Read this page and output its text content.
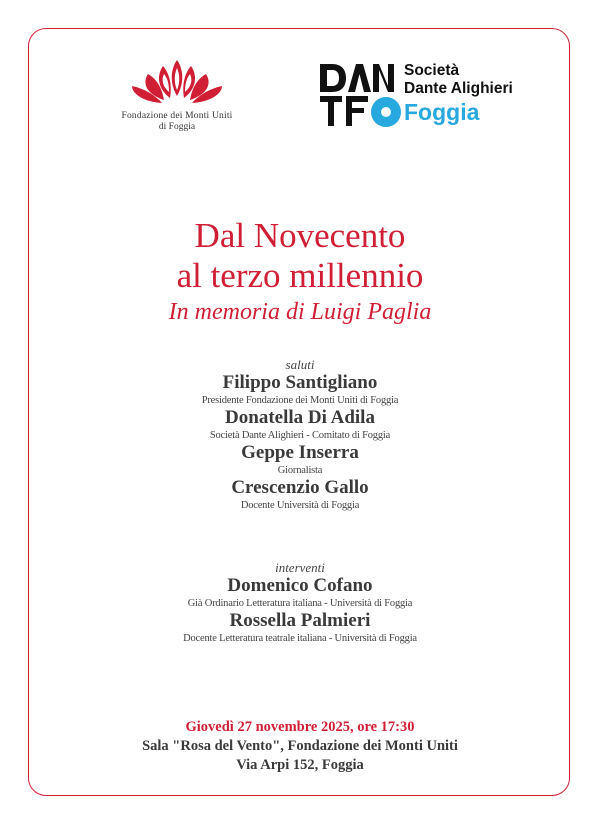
Fondazione dei Monti Uniti
di Foggia
Società
Dante Alighieri
Foggia
Dal Novecento
al terzo millennio
In memoria di Luigi Paglia
saluti
Filippo Santigliano
Presidente Fondazione dei Monti Uniti di Foggia
Donatella Di Adila
Società Dante Alighieri - Comitato di Foggia
Geppe Inserra
Giornalista
Crescenzio Gallo
Docente Università di Foggia
interventi
Domenico Cofano
Già Ordinario Letteratura italiana - Università di Foggia
Rossella Palmieri
Docente Letteratura teatrale italiana - Università di Foggia
Giovedì 27 novembre 2025, ore 17:30
Sala "Rosa del Vento", Fondazione dei Monti Uniti
Via Arpi 152, Foggia
